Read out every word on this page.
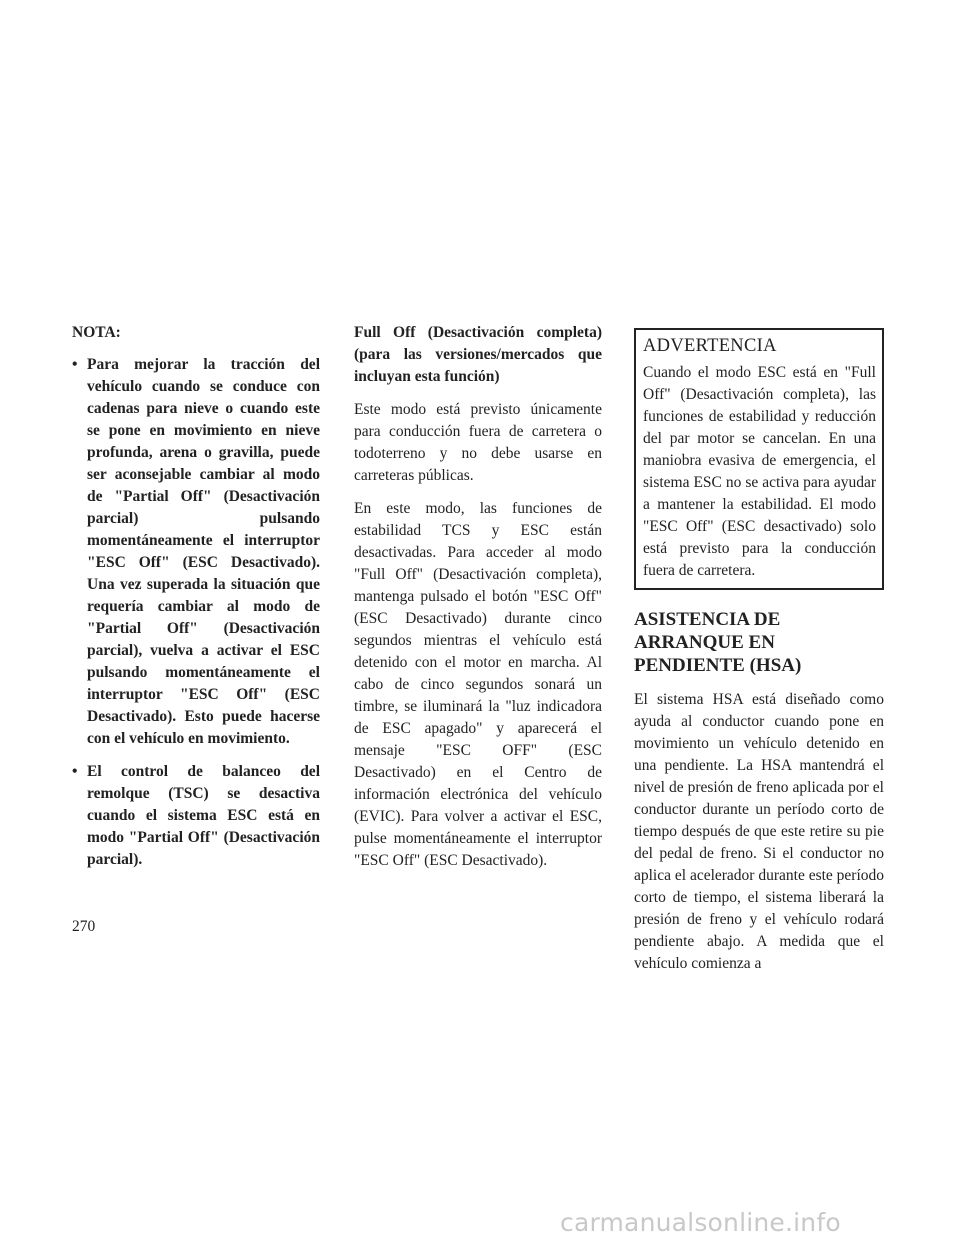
NOTA:

• Para mejorar la tracción del vehículo cuando se conduce con cadenas para nieve o cuando este se pone en movimiento en nieve profunda, arena o gravilla, puede ser aconsejable cambiar al modo de "Partial Off" (Desactivación parcial) pulsando momentáneamente el interruptor "ESC Off" (ESC Desactivado). Una vez superada la situación que requería cambiar al modo de "Partial Off" (Desactivación parcial), vuelva a activar el ESC pulsando momentáneamente el interruptor "ESC Off" (ESC Desactivado). Esto puede hacerse con el vehículo en movimiento.
• El control de balanceo del remolque (TSC) se desactiva cuando el sistema ESC está en modo "Partial Off" (Desactivación parcial).

Full Off (Desactivación completa) (para las versiones/mercados que incluyan esta función)

Este modo está previsto únicamente para conducción fuera de carretera o todoterreno y no debe usarse en carreteras públicas.

En este modo, las funciones de estabilidad TCS y ESC están desactivadas. Para acceder al modo "Full Off" (Desactivación completa), mantenga pulsado el botón "ESC Off" (ESC Desactivado) durante cinco segundos mientras el vehículo está detenido con el motor en marcha. Al cabo de cinco segundos sonará un timbre, se iluminará la "luz indicadora de ESC apagado" y aparecerá el mensaje "ESC OFF" (ESC Desactivado) en el Centro de información electrónica del vehículo (EVIC). Para volver a activar el ESC, pulse momentáneamente el interruptor "ESC Off" (ESC Desactivado).

ADVERTENCIA

Cuando el modo ESC está en "Full Off" (Desactivación completa), las funciones de estabilidad y reducción del par motor se cancelan. En una maniobra evasiva de emergencia, el sistema ESC no se activa para ayudar a mantener la estabilidad. El modo "ESC Off" (ESC desactivado) solo está previsto para la conducción fuera de carretera.

ASISTENCIA DE ARRANQUE EN PENDIENTE (HSA)

El sistema HSA está diseñado como ayuda al conductor cuando pone en movimiento un vehículo detenido en una pendiente. La HSA mantendrá el nivel de presión de freno aplicada por el conductor durante un período corto de tiempo después de que este retire su pie del pedal de freno. Si el conductor no aplica el acelerador durante este período corto de tiempo, el sistema liberará la presión de freno y el vehículo rodará pendiente abajo. A medida que el vehículo comienza a

270
carmanualsonline.info
